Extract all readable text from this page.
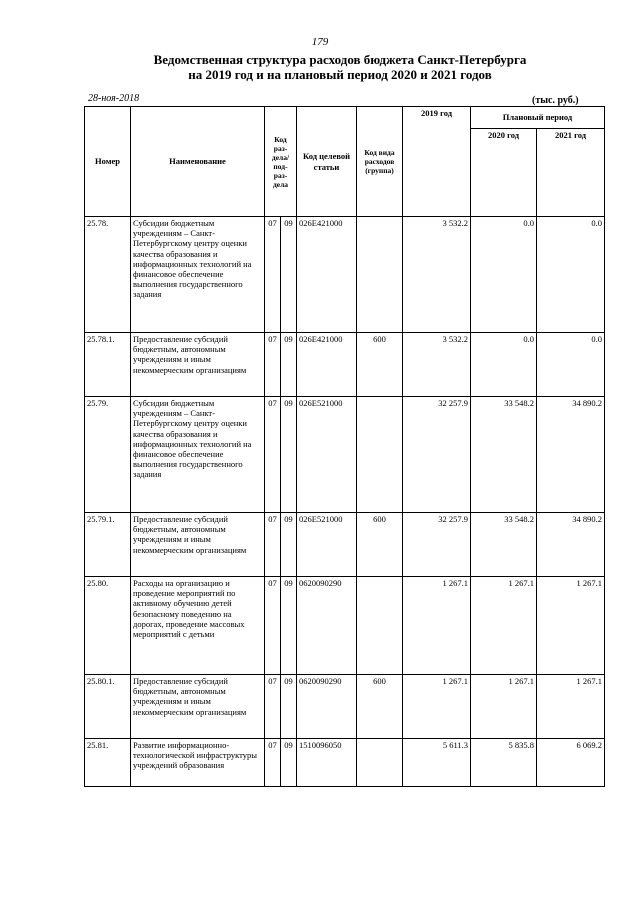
179
Ведомственная структура расходов бюджета Санкт-Петербурга
на 2019 год и на плановый период 2020 и 2021 годов
28-ноя-2018	(тыс. руб.)
Номер	Наименование	Код раз-дела/ под-раз-дела		Код целевой статьи	Код вида расходов (группа)	2019 год	Плановый период	
							2020 год	2021 год
25.78.	Субсидии бюджетным учреждениям – Санкт-Петербургскому центру оценки качества образования и информационных технологий на финансовое обеспечение выполнения государственного задания	07	09	026E421000		3 532.2	0.0	0.0
25.78.1.	Предоставление субсидий бюджетным, автономным учреждениям и иным некоммерческим организациям	07	09	026E421000	600	3 532.2	0.0	0.0
25.79.	Субсидии бюджетным учреждениям – Санкт-Петербургскому центру оценки качества образования и информационных технологий на финансовое обеспечение выполнения государственного задания	07	09	026E521000		32 257.9	33 548.2	34 890.2
25.79.1.	Предоставление субсидий бюджетным, автономным учреждениям и иным некоммерческим организациям	07	09	026E521000	600	32 257.9	33 548.2	34 890.2
25.80.	Расходы на организацию и проведение мероприятий по активному обучению детей безопасному поведению на дорогах, проведение массовых мероприятий с детьми	07	09	0620090290		1 267.1	1 267.1	1 267.1
25.80.1.	Предоставление субсидий бюджетным, автономным учреждениям и иным некоммерческим организациям	07	09	0620090290	600	1 267.1	1 267.1	1 267.1
25.81.	Развитие информационно-технологической инфраструктуры учреждений образования	07	09	1510096050		5 611.3	5 835.8	6 069.2
